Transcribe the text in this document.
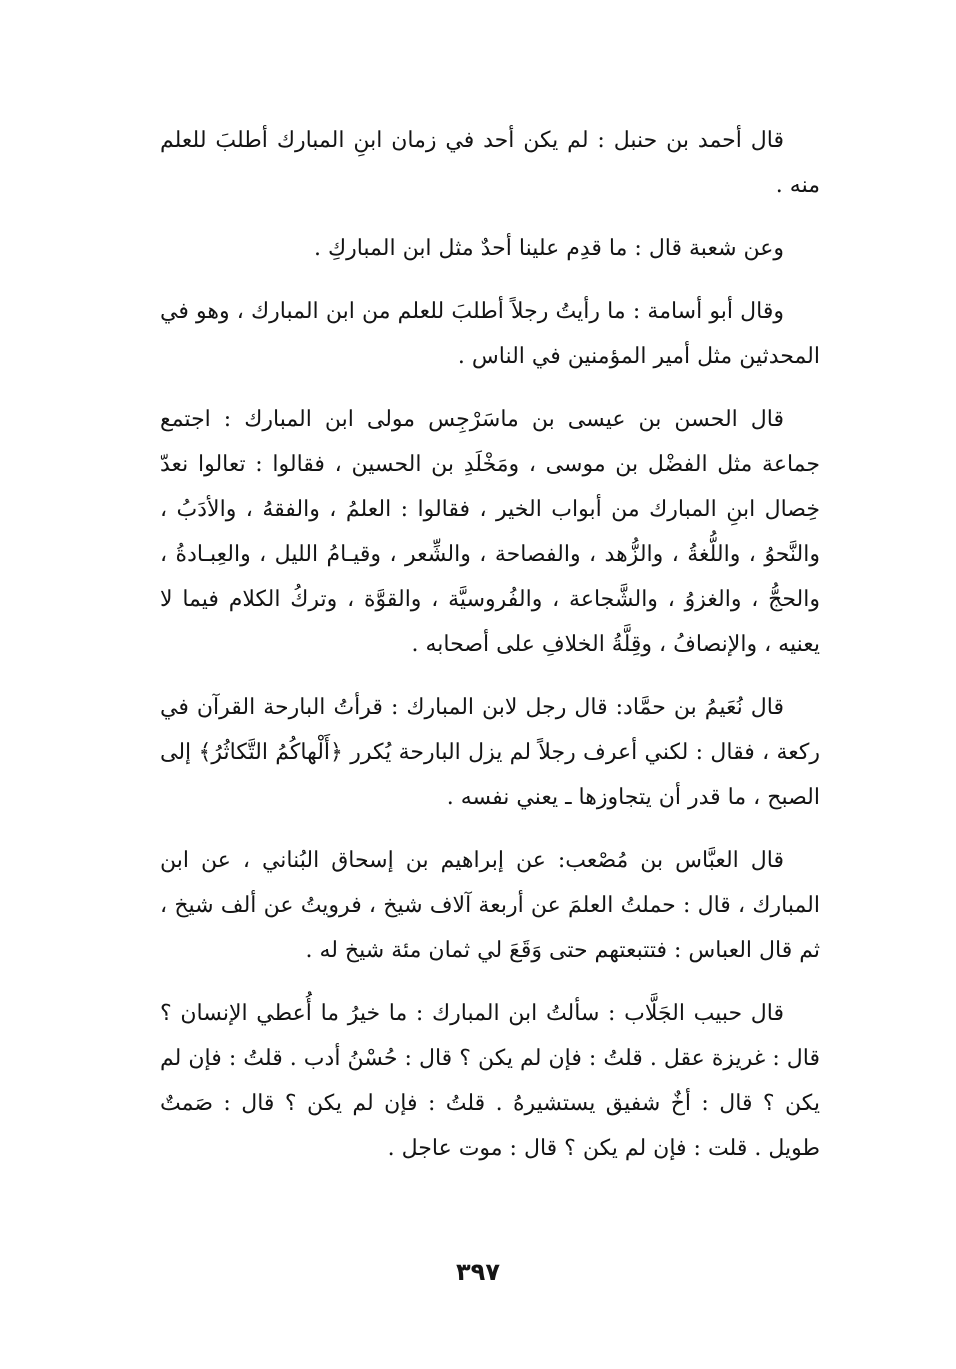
قال أحمد بن حنبل : لم يكن أحد في زمان ابنِ المبارك أطلبَ للعلم منه .

وعن شعبة قال : ما قدِم علينا أحدٌ مثل ابن المباركِ .

وقال أبو أسامة : ما رأيتُ رجلاً أطلبَ للعلم من ابن المبارك ، وهو في المحدثين مثل أمير المؤمنين في الناس .

قال الحسن بن عيسى بن ماسَرْجِس مولى ابن المبارك : اجتمع جماعة مثل الفضْل بن موسى ، ومَخْلَدِ بن الحسين ، فقالوا : تعالوا نعدّ خِصال ابنِ المبارك من أبواب الخير ، فقالوا : العلمُ ، والفقهُ ، والأدَبُ ، والنَّحوُ ، واللُّغةُ ، والزُّهد ، والفصاحة ، والشِّعر ، وقيـامُ الليل ، والعِبـادةُ ، والحجُّ ، والغزوُ ، والشَّجاعة ، والفُروسيَّة ، والقوَّة ، وتركُ الكلام فيما لا يعنيه ، والإنصافُ ، وقِلَّةُ الخلافِ على أصحابه .

قال نُعَيمُ بن حمَّاد: قال رجل لابن المبارك : قرأتُ البارحة القرآن في ركعة ، فقال : لكني أعرف رجلاً لم يزل البارحة يُكرر ﴿أَلْهاكُمُ التَّكاثُرُ﴾ إلى الصبح ، ما قدر أن يتجاوزها ـ يعني نفسه .

قال العبَّاس بن مُصْعب: عن إبراهيم بن إسحاق البُناني ، عن ابن المبارك ، قال : حملتُ العلمَ عن أربعة آلاف شيخ ، فرويتُ عن ألف شيخ ، ثم قال العباس : فتتبعتهم حتى وَقَعَ لي ثمان مئة شيخ له .

قال حبيب الجَلَّاب : سألتُ ابن المبارك : ما خيرُ ما أُعطي الإنسان ؟ قال : غريزة عقل . قلتُ : فإن لم يكن ؟ قال : حُسْنُ أدب . قلتُ : فإن لم يكن ؟ قال : أخٌ شفيق يستشيرهُ . قلتُ : فإن لم يكن ؟ قال : صَمتٌ طويل . قلت : فإن لم يكن ؟ قال : موت عاجل .

٣٩٧
